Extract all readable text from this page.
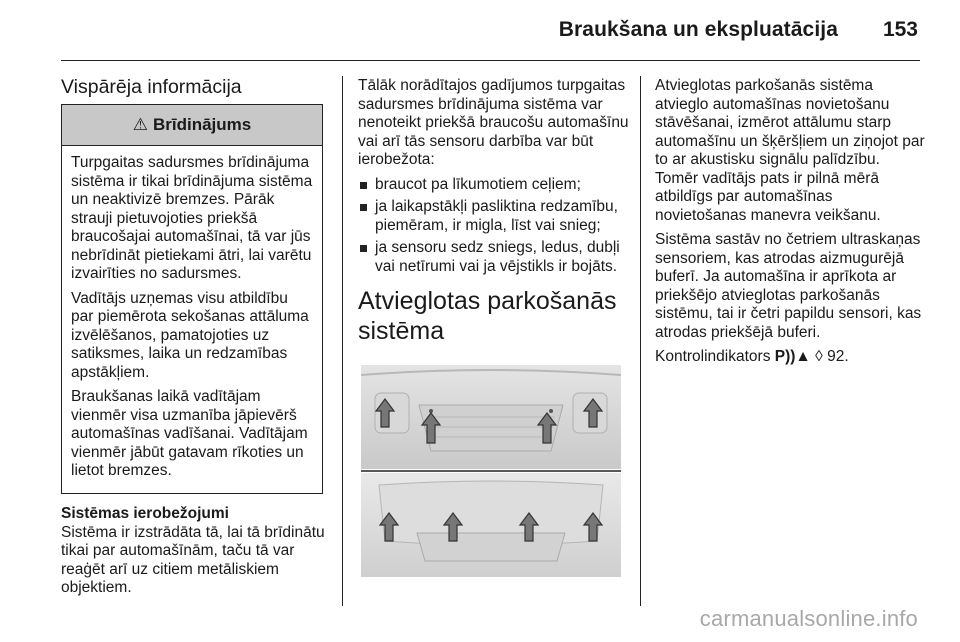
Braukšana un ekspluatācija 153
Vispārēja informācija
⚠ Brīdinājums

Turpgaitas sadursmes brīdinājuma sistēma ir tikai brīdinājuma sistēma un neaktivizē bremzes. Pārāk strauji pietuvojoties priekšā braucošajai automašīnai, tā var jūs nebrīdināt pietiekami ātri, lai varētu izvairīties no sadursmes.

Vadītājs uzņemas visu atbildību par piemērota sekošanas attāluma izvēlēšanos, pamatojoties uz satiksmes, laika un redzamības apstākļiem.

Braukšanas laikā vadītājam vienmēr visa uzmanība jāpievērš automašīnas vadīšanai. Vadītājam vienmēr jābūt gatavam rīkoties un lietot bremzes.

Sistēmas ierobežojumi
Sistēma ir izstrādāta tā, lai tā brīdinātu tikai par automašīnām, taču tā var reaģēt arī uz citiem metāliskiem objektiem.

Tālāk norādītajos gadījumos turpgaitas sadursmes brīdinājuma sistēma var nenoteikt priekšā braucošu automašīnu vai arī tās sensoru darbība var būt ierobežota:

braucot pa līkumotiem ceļiem;
ja laikapstākļi pasliktina redzamību, piemēram, ir migla, līst vai snieg;
ja sensoru sedz sniegs, ledus, dubļi vai netīrumi vai ja vējstikls ir bojāts.
Atvieglotas parkošanās sistēma

Atvieglotas parkošanās sistēma atvieglo automašīnas novietošanu stāvēšanai, izmērot attālumu starp automašīnu un šķēršļiem un ziņojot par to ar akustisku signālu palīdzību. Tomēr vadītājs pats ir pilnā mērā atbildīgs par automašīnas novietošanas manevra veikšanu.

Sistēma sastāv no četriem ultraskaņas sensoriem, kas atrodas aizmugurējā buferī. Ja automašīna ir aprīkota ar priekšējo atvieglotas parkošanās sistēmu, tai ir četri papildu sensori, kas atrodas priekšējā buferi.

Kontrolindikators P))▲ ◊ 92.

carmanualsonline.info
